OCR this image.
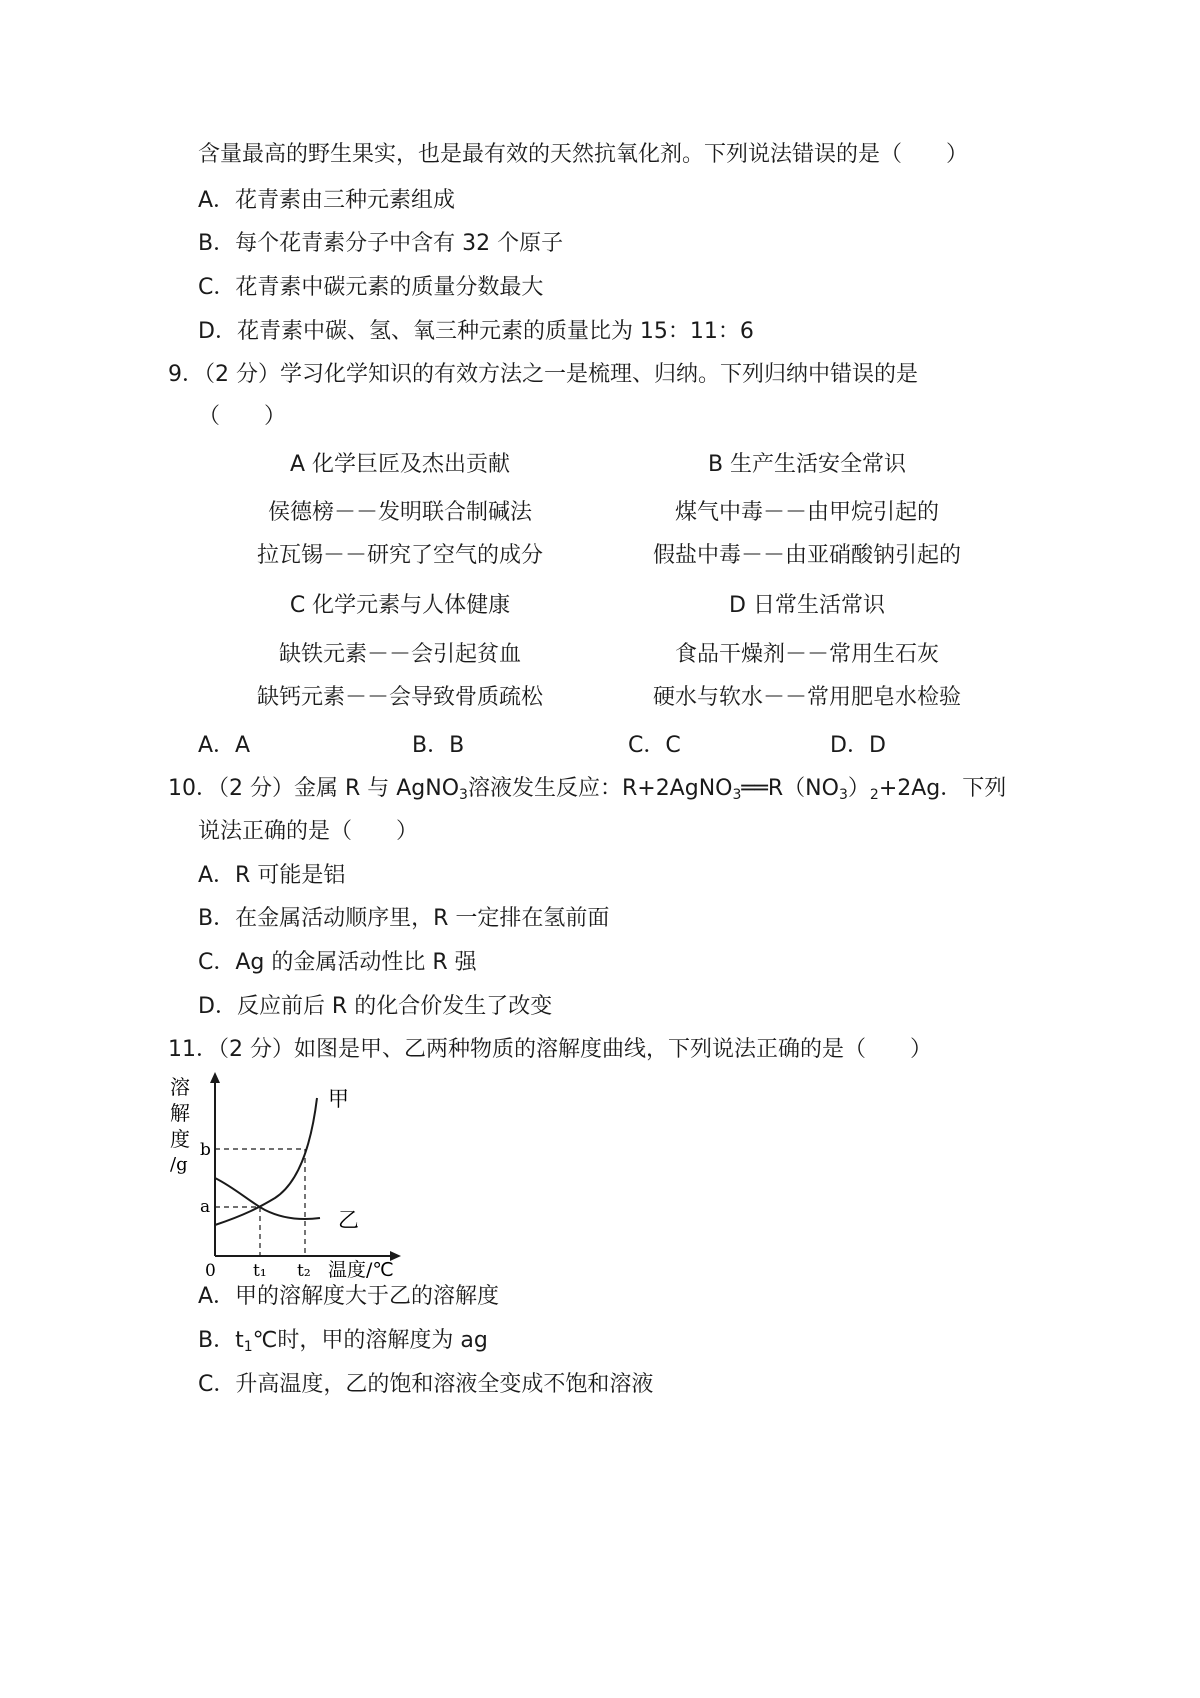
含量最高的野生果实，也是最有效的天然抗氧化剂。下列说法错误的是（　　）
A．花青素由三种元素组成
B．每个花青素分子中含有 32 个原子
C．花青素中碳元素的质量分数最大
D．花青素中碳、氢、氧三种元素的质量比为 15：11：6
9．（2 分）学习化学知识的有效方法之一是梳理、归纳。下列归纳中错误的是
（　　）
A 化学巨匠及杰出贡献	B 生产生活安全常识
侯德榜－－发明联合制碱法	煤气中毒－－由甲烷引起的
拉瓦锡－－研究了空气的成分	假盐中毒－－由亚硝酸钠引起的
C 化学元素与人体健康	D 日常生活常识
缺铁元素－－会引起贫血	食品干燥剂－－常用生石灰
缺钙元素－－会导致骨质疏松	硬水与软水－－常用肥皂水检验
A．A	B．B	C．C	D．D
10．（2 分）金属 R 与 AgNO$_3$溶液发生反应：$R+2AgNO_3══R(NO_3)_2+2Ag$．下列
说法正确的是（　　）
A．R 可能是铝
B．在金属活动顺序里，R 一定排在氢前面
C．Ag 的金属活动性比 R 强
D．反应前后 R 的化合价发生了改变
11．（2 分）如图是甲、乙两种物质的溶解度曲线，下列说法正确的是（　　）
溶
解
度
/g
b
a
0 t₁ t₂ 温度/℃
甲
乙
A．甲的溶解度大于乙的溶解度
B．$t_1℃$时，甲的溶解度为 ag
C．升高温度，乙的饱和溶液全变成不饱和溶液
